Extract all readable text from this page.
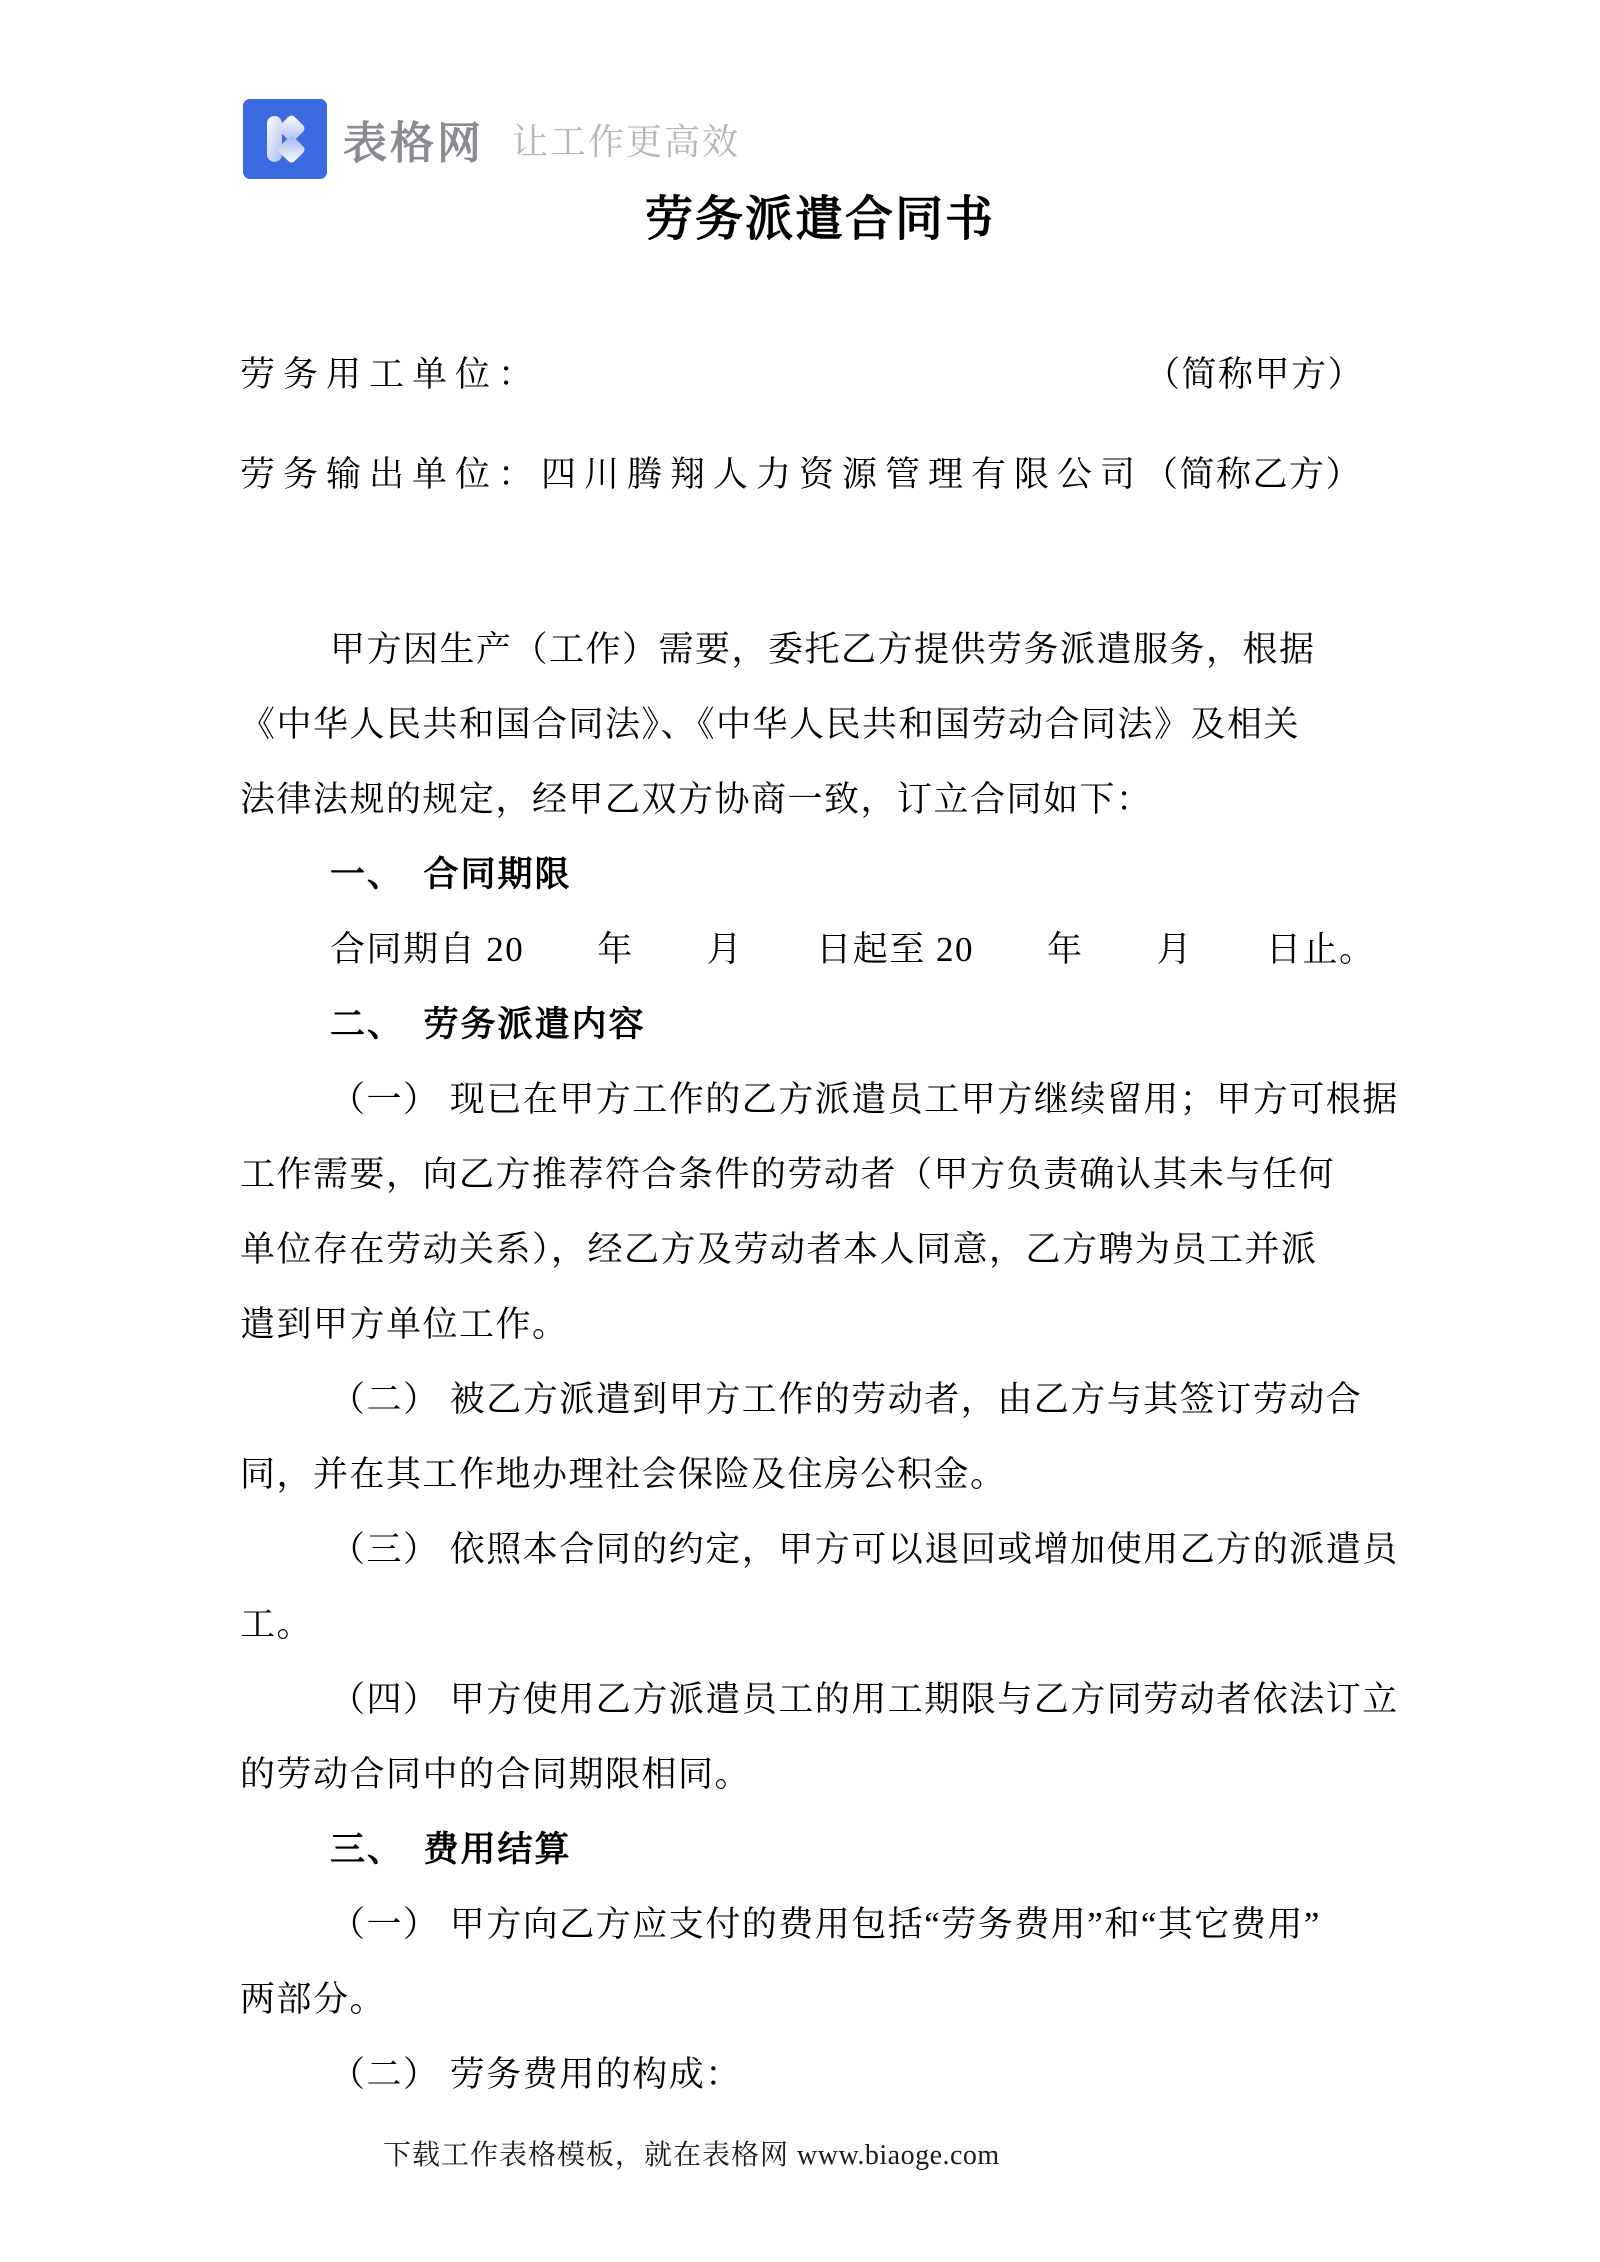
表格网 让工作更高效
劳务派遣合同书
劳务用工单位：	（简称甲方）
劳务输出单位：四川腾翔人力资源管理有限公司 （简称乙方）
甲方因生产（工作）需要，委托乙方提供劳务派遣服务，根据
《中华人民共和国合同法》、《中华人民共和国劳动合同法》及相关
法律法规的规定，经甲乙双方协商一致，订立合同如下：
一、　合同期限
合同期自 20　　年　　月　　日起至 20　　年　　月　　日止。
二、　劳务派遣内容
（一） 现已在甲方工作的乙方派遣员工甲方继续留用；甲方可根据
工作需要，向乙方推荐符合条件的劳动者（甲方负责确认其未与任何
单位存在劳动关系），经乙方及劳动者本人同意，乙方聘为员工并派
遣到甲方单位工作。
（二） 被乙方派遣到甲方工作的劳动者，由乙方与其签订劳动合
同，并在其工作地办理社会保险及住房公积金。
（三） 依照本合同的约定，甲方可以退回或增加使用乙方的派遣员
工。
（四） 甲方使用乙方派遣员工的用工期限与乙方同劳动者依法订立
的劳动合同中的合同期限相同。
三、　费用结算
（一） 甲方向乙方应支付的费用包括“劳务费用”和“其它费用”
两部分。
（二） 劳务费用的构成：
下载工作表格模板，就在表格网 www.biaoge.com
